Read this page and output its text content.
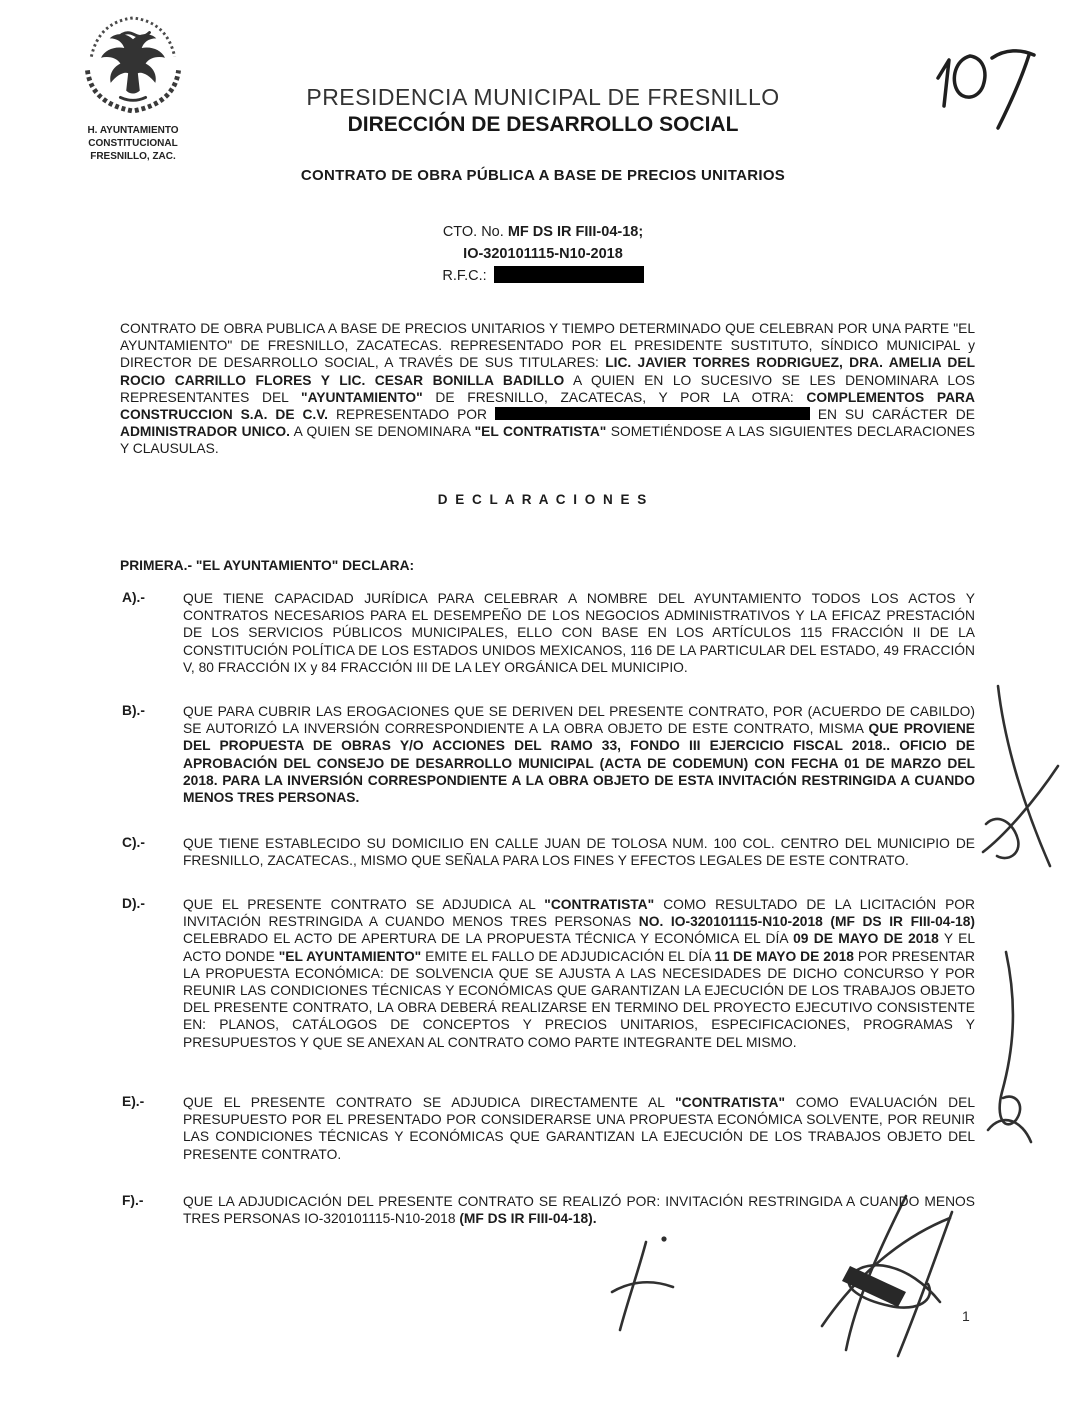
H. AYUNTAMIENTO
CONSTITUCIONAL
FRESNILLO, ZAC.
PRESIDENCIA MUNICIPAL DE FRESNILLO
DIRECCIÓN DE DESARROLLO SOCIAL
CONTRATO DE OBRA PÚBLICA A BASE DE PRECIOS UNITARIOS
CTO. No. MF DS IR FIII-04-18;
IO-320101115-N10-2018
R.F.C.:

CONTRATO DE OBRA PUBLICA A BASE DE PRECIOS UNITARIOS Y TIEMPO DETERMINADO QUE CELEBRAN POR UNA PARTE "EL AYUNTAMIENTO" DE FRESNILLO, ZACATECAS. REPRESENTADO POR EL PRESIDENTE SUSTITUTO, SÍNDICO MUNICIPAL y DIRECTOR DE DESARROLLO SOCIAL, A TRAVÉS DE SUS TITULARES: LIC. JAVIER TORRES RODRIGUEZ, DRA. AMELIA DEL ROCIO CARRILLO FLORES Y LIC. CESAR BONILLA BADILLO A QUIEN EN LO SUCESIVO SE LES DENOMINARA LOS REPRESENTANTES DEL "AYUNTAMIENTO" DE FRESNILLO, ZACATECAS, Y POR LA OTRA: COMPLEMENTOS PARA CONSTRUCCION S.A. DE C.V. REPRESENTADO POR	EN SU CARÁCTER DE ADMINISTRADOR UNICO. A QUIEN SE DENOMINARA "EL CONTRATISTA" SOMETIÉNDOSE A LAS SIGUIENTES DECLARACIONES Y CLAUSULAS.

D E C L A R A C I O N E S
PRIMERA.- "EL AYUNTAMIENTO" DECLARA:
A).-	QUE TIENE CAPACIDAD JURÍDICA PARA CELEBRAR A NOMBRE DEL AYUNTAMIENTO TODOS LOS ACTOS Y CONTRATOS NECESARIOS PARA EL DESEMPEÑO DE LOS NEGOCIOS ADMINISTRATIVOS Y LA EFICAZ PRESTACIÓN DE LOS SERVICIOS PÚBLICOS MUNICIPALES, ELLO CON BASE EN LOS ARTÍCULOS 115 FRACCIÓN II DE LA CONSTITUCIÓN POLÍTICA DE LOS ESTADOS UNIDOS MEXICANOS, 116 DE LA PARTICULAR DEL ESTADO, 49 FRACCIÓN V, 80 FRACCIÓN IX y 84 FRACCIÓN III DE LA LEY ORGÁNICA DEL MUNICIPIO.
B).-	QUE PARA CUBRIR LAS EROGACIONES QUE SE DERIVEN DEL PRESENTE CONTRATO, POR (ACUERDO DE CABILDO) SE AUTORIZÓ LA INVERSIÓN CORRESPONDIENTE A LA OBRA OBJETO DE ESTE CONTRATO, MISMA QUE PROVIENE DEL PROPUESTA DE OBRAS Y/O ACCIONES DEL RAMO 33, FONDO III EJERCICIO FISCAL 2018.. OFICIO DE APROBACIÓN DEL CONSEJO DE DESARROLLO MUNICIPAL (ACTA DE CODEMUN) CON FECHA 01 DE MARZO DEL 2018. PARA LA INVERSIÓN CORRESPONDIENTE A LA OBRA OBJETO DE ESTA INVITACIÓN RESTRINGIDA A CUANDO MENOS TRES PERSONAS.
C).-	QUE TIENE ESTABLECIDO SU DOMICILIO EN CALLE JUAN DE TOLOSA NUM. 100 COL. CENTRO DEL MUNICIPIO DE FRESNILLO, ZACATECAS., MISMO QUE SEÑALA PARA LOS FINES Y EFECTOS LEGALES DE ESTE CONTRATO.
D).-	QUE EL PRESENTE CONTRATO SE ADJUDICA AL "CONTRATISTA" COMO RESULTADO DE LA LICITACIÓN POR INVITACIÓN RESTRINGIDA A CUANDO MENOS TRES PERSONAS NO. IO-320101115-N10-2018 (MF DS IR FIII-04-18) CELEBRADO EL ACTO DE APERTURA DE LA PROPUESTA TÉCNICA Y ECONÓMICA EL DÍA 09 DE MAYO DE 2018 Y EL ACTO DONDE "EL AYUNTAMIENTO" EMITE EL FALLO DE ADJUDICACIÓN EL DÍA 11 DE MAYO DE 2018 POR PRESENTAR LA PROPUESTA ECONÓMICA: DE SOLVENCIA QUE SE AJUSTA A LAS NECESIDADES DE DICHO CONCURSO Y POR REUNIR LAS CONDICIONES TÉCNICAS Y ECONÓMICAS QUE GARANTIZAN LA EJECUCIÓN DE LOS TRABAJOS OBJETO DEL PRESENTE CONTRATO, LA OBRA DEBERÁ REALIZARSE EN TERMINO DEL PROYECTO EJECUTIVO CONSISTENTE EN: PLANOS, CATÁLOGOS DE CONCEPTOS Y PRECIOS UNITARIOS, ESPECIFICACIONES, PROGRAMAS Y PRESUPUESTOS Y QUE SE ANEXAN AL CONTRATO COMO PARTE INTEGRANTE DEL MISMO.
E).-	QUE EL PRESENTE CONTRATO SE ADJUDICA DIRECTAMENTE AL "CONTRATISTA" COMO EVALUACIÓN DEL PRESUPUESTO POR EL PRESENTADO POR CONSIDERARSE UNA PROPUESTA ECONÓMICA SOLVENTE, POR REUNIR LAS CONDICIONES TÉCNICAS Y ECONÓMICAS QUE GARANTIZAN LA EJECUCIÓN DE LOS TRABAJOS OBJETO DEL PRESENTE CONTRATO.
F).-	QUE LA ADJUDICACIÓN DEL PRESENTE CONTRATO SE REALIZÓ POR: INVITACIÓN RESTRINGIDA A CUANDO MENOS TRES PERSONAS IO-320101115-N10-2018 (MF DS IR FIII-04-18).
1
